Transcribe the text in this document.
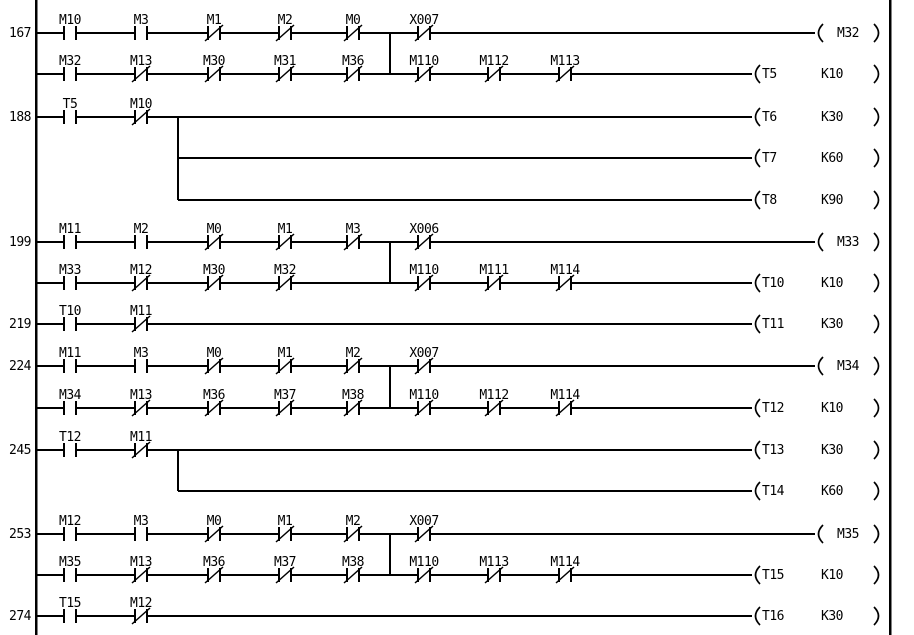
167
M10	M3	M1	M2	M0	X007
M32
M32	M13	M30	M31	M36	M110	M112	M113
T5	K10
188
T5	M10
T6	K30
T7	K60
T8	K90
199
M11	M2	M0	M1	M3	X006
M33
M33	M12	M30	M32	M110	M111	M114
T10	K10
219
T10	M11
T11	K30
224
M11	M3	M0	M1	M2	X007
M34
M34	M13	M36	M37	M38	M110	M112	M114
T12	K10
245
T12	M11
T13	K30
T14	K60
253
M12	M3	M0	M1	M2	X007
M35
M35	M13	M36	M37	M38	M110	M113	M114
T15	K10
274
T15	M12
T16	K30
